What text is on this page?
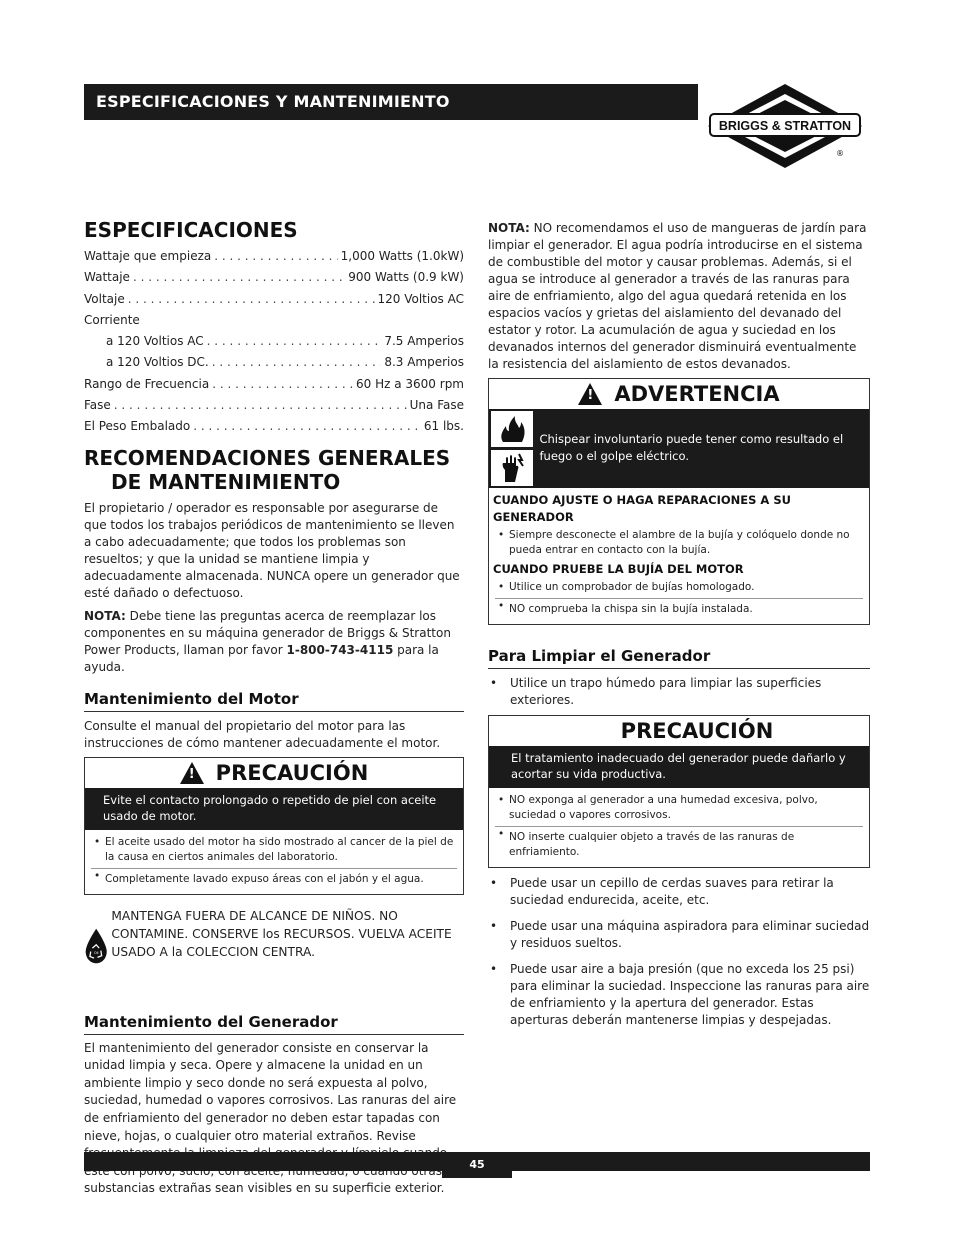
ESPECIFICACIONES Y MANTENIMIENTO
BRIGGS & STRATTON
®
ESPECIFICACIONES
Wattaje que empieza . . .	1,000 Watts (1.0kW)
Wattaje . . .	900 Watts (0.9 kW)
Voltaje . . .	120 Voltios AC
Corriente
a 120 Voltios AC . . .	7.5 Amperios
a 120 Voltios DC. . . .	8.3 Amperios
Rango de Frecuencia . . .	60 Hz a 3600 rpm
Fase . . .	Una Fase
El Peso Embalado . . .	61 lbs.
RECOMENDACIONES GENERALES
DE MANTENIMIENTO

El propietario / operador es responsable por asegurarse de que todos los trabajos periódicos de mantenimiento se lleven a cabo adecuadamente; que todos los problemas son resueltos; y que la unidad se mantiene limpia y adecuadamente almacenada. NUNCA opere un generador que esté dañado o defectuoso.

NOTA: Debe tiene las preguntas acerca de reemplazar los componentes en su máquina generador de Briggs & Stratton Power Products, llaman por favor 1-800-743-4115 para la ayuda.

Mantenimiento del Motor

Consulte el manual del propietario del motor para las instrucciones de cómo mantener adecuadamente el motor.

! PRECAUCIÓN
Evite el contacto prolongado o repetido de piel con aceite usado de motor.
• El aceite usado del motor ha sido mostrado al cancer de la piel de la causa en ciertos animales del laboratorio.
• Completamente lavado expuso áreas con el jabón y el agua.
Oil

MANTENGA FUERA DE ALCANCE DE NIÑOS. NO CONTAMINE. CONSERVE los RECURSOS. VUELVA ACEITE USADO A la COLECCION CENTRA.

Mantenimiento del Generador

El mantenimiento del generador consiste en conservar la unidad limpia y seca. Opere y almacene la unidad en un ambiente limpio y seco donde no será expuesta al polvo, suciedad, humedad o vapores corrosivos. Las ranuras del aire de enfriamiento del generador no deben estar tapadas con nieve, hojas, o cualquier otro material extraños. Revise substancias extrañas sean visibles en su superficie exterior.

NOTA: NO recomendamos el uso de mangueras de jardín para limpiar el generador. El agua podría introducirse en el sistema de combustible del motor y causar problemas. Además, si el agua se introduce al generador a través de las ranuras para aire de enfriamiento, algo del agua quedará retenida en los espacios vacíos y grietas del aislamiento del devanado del estator y rotor. La acumulación de agua y suciedad en los devanados internos del generador disminuirá eventualmente la resistencia del aislamiento de estos devanados.

! ADVERTENCIA
Chispear involuntario puede tener como resultado el fuego o el golpe eléctrico.
CUANDO AJUSTE O HAGA REPARACIONES A SU GENERADOR
• Siempre desconecte el alambre de la bujía y colóquelo donde no pueda entrar en contacto con la bujía.
CUANDO PRUEBE LA BUJÍA DEL MOTOR
• Utilice un comprobador de bujías homologado.
• NO comprueba la chispa sin la bujía instalada.
Para Limpiar el Generador
• Utilice un trapo húmedo para limpiar las superficies exteriores.
PRECAUCIÓN
El tratamiento inadecuado del generador puede dañarlo y acortar su vida productiva.
• NO exponga al generador a una humedad excesiva, polvo, suciedad o vapores corrosivos.
• NO inserte cualquier objeto a través de las ranuras de enfriamiento.
• Puede usar un cepillo de cerdas suaves para retirar la suciedad endurecida, aceite, etc.
• Puede usar una máquina aspiradora para eliminar suciedad y residuos sueltos.
• Puede usar aire a baja presión (que no exceda los 25 psi) para eliminar la suciedad. Inspeccione las ranuras para aire de enfriamiento y la apertura del generador. Estas aperturas deberán mantenerse limpias y despejadas.
45
